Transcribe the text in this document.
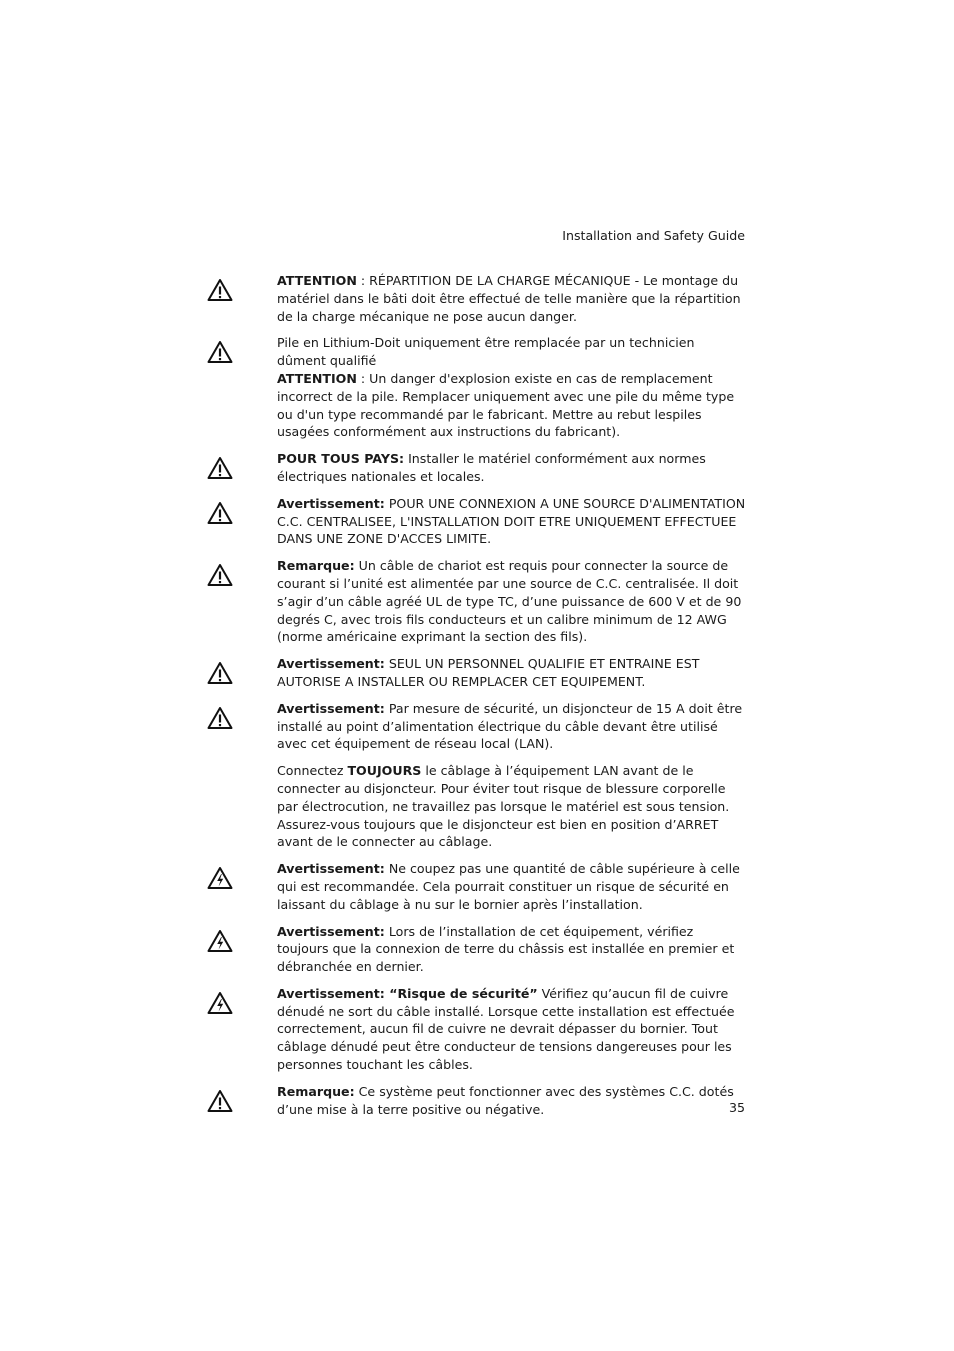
Installation and Safety Guide

ATTENTION : RÉPARTITION DE LA CHARGE MÉCANIQUE - Le montage du matériel dans le bâti doit être effectué de telle manière que la répartition de la charge mécanique ne pose aucun danger.

Pile en Lithium-Doit uniquement être remplacée par un technicien dûment qualifié

ATTENTION : Un danger d'explosion existe en cas de remplacement incorrect de la pile. Remplacer uniquement avec une pile du même type ou d'un type recommandé par le fabricant. Mettre au rebut lespiles usagées conformément aux instructions du fabricant).

POUR TOUS PAYS: Installer le matériel conformément aux normes électriques nationales et locales.

Avertissement: POUR UNE CONNEXION A UNE SOURCE D'ALIMENTATION C.C. CENTRALISEE, L'INSTALLATION DOIT ETRE UNIQUEMENT EFFECTUEE DANS UNE ZONE D'ACCES LIMITE.

Remarque: Un câble de chariot est requis pour connecter la source de courant si l’unité est alimentée par une source de C.C. centralisée. Il doit s’agir d’un câble agréé UL de type TC, d’une puissance de 600 V et de 90 degrés C, avec trois fils conducteurs et un calibre minimum de 12 AWG (norme américaine exprimant la section des fils).

Avertissement: SEUL UN PERSONNEL QUALIFIE ET ENTRAINE EST AUTORISE A INSTALLER OU REMPLACER CET EQUIPEMENT.

Avertissement: Par mesure de sécurité, un disjoncteur de 15 A doit être installé au point d’alimentation électrique du câble devant être utilisé avec cet équipement de réseau local (LAN).

Connectez TOUJOURS le câblage à l’équipement LAN avant de le connecter au disjoncteur. Pour éviter tout risque de blessure corporelle par électrocution, ne travaillez pas lorsque le matériel est sous tension. Assurez-vous toujours que le disjoncteur est bien en position d’ARRET avant de le connecter au câblage.

Avertissement: Ne coupez pas une quantité de câble supérieure à celle qui est recommandée. Cela pourrait constituer un risque de sécurité en laissant du câblage à nu sur le bornier après l’installation.

Avertissement: Lors de l’installation de cet équipement, vérifiez toujours que la connexion de terre du châssis est installée en premier et débranchée en dernier.

Avertissement: “Risque de sécurité” Vérifiez qu’aucun fil de cuivre dénudé ne sort du câble installé. Lorsque cette installation est effectuée correctement, aucun fil de cuivre ne devrait dépasser du bornier. Tout câblage dénudé peut être conducteur de tensions dangereuses pour les personnes touchant les câbles.

Remarque: Ce système peut fonctionner avec des systèmes C.C. dotés d’une mise à la terre positive ou négative.	35
